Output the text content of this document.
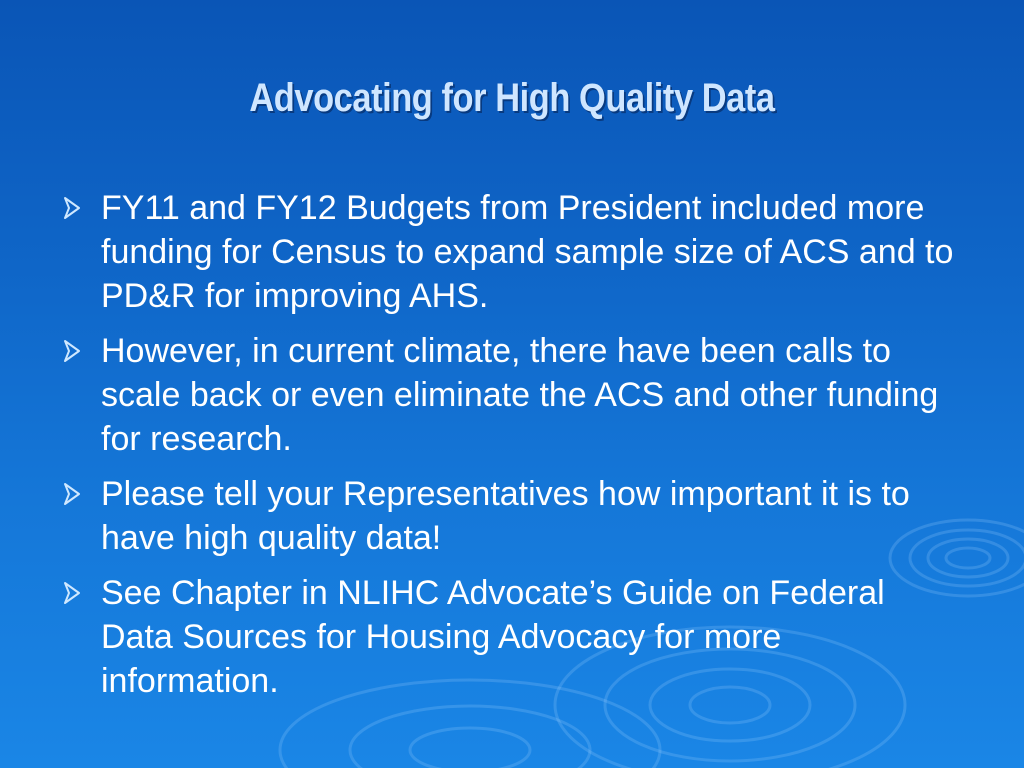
Advocating for High Quality Data
FY11 and FY12 Budgets from President included more funding for Census to expand sample size of ACS and to PD&R for improving AHS.
However, in current climate, there have been calls to scale back or even eliminate the ACS and other funding for research.
Please tell your Representatives how important it is to have high quality data!
See Chapter in NLIHC Advocate’s Guide on Federal Data Sources for Housing Advocacy for more information.
